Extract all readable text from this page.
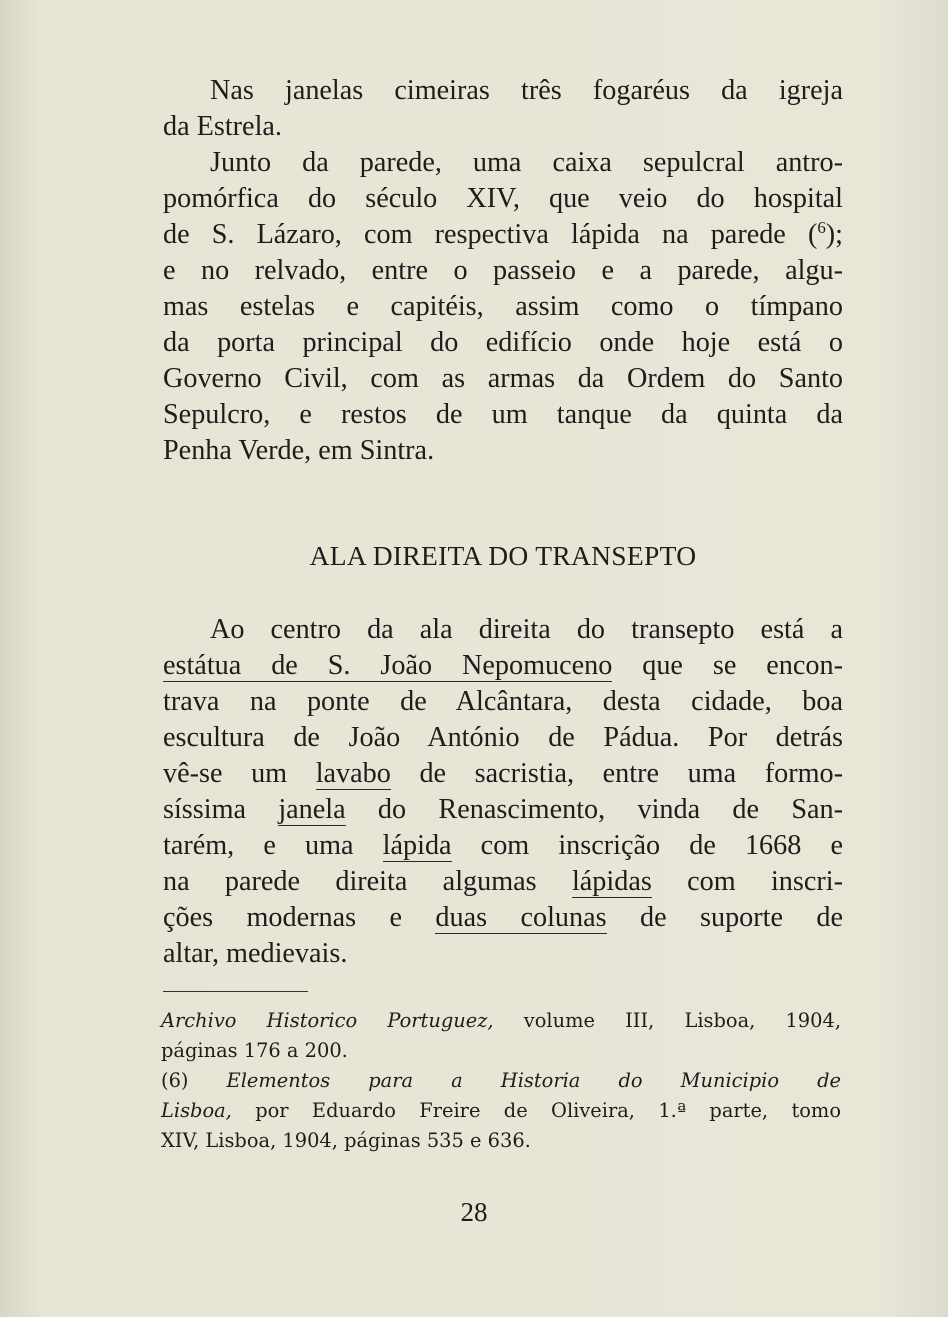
Nas janelas cimeiras três fogaréus da igreja
da Estrela.
Junto da parede, uma caixa sepulcral antro-
pomórfica do século XIV, que veio do hospital
de S. Lázaro, com respectiva lápida na parede ($^6$);
e no relvado, entre o passeio e a parede, algu-
mas estelas e capitéis, assim como o tímpano
da porta principal do edifício onde hoje está o
Governo Civil, com as armas da Ordem do Santo
Sepulcro, e restos de um tanque da quinta da
Penha Verde, em Sintra.
ALA DIREITA DO TRANSEPTO
Ao centro da ala direita do transepto está a
estátua de S. João Nepomuceno que se encon-
trava na ponte de Alcântara, desta cidade, boa
escultura de João António de Pádua. Por detrás
vê-se um lavabo de sacristia, entre uma formo-
síssima janela do Renascimento, vinda de San-
tarém, e uma lápida com inscrição de 1668 e
na parede direita algumas lápidas com inscri-
ções modernas e duas colunas de suporte de
altar, medievais.
Archivo Historico Portuguez, volume III, Lisboa, 1904,
páginas 176 a 200.
(6) Elementos para a Historia do Municipio de
Lisboa, por Eduardo Freire de Oliveira, 1.ª parte, tomo
XIV, Lisboa, 1904, páginas 535 e 636.
28
